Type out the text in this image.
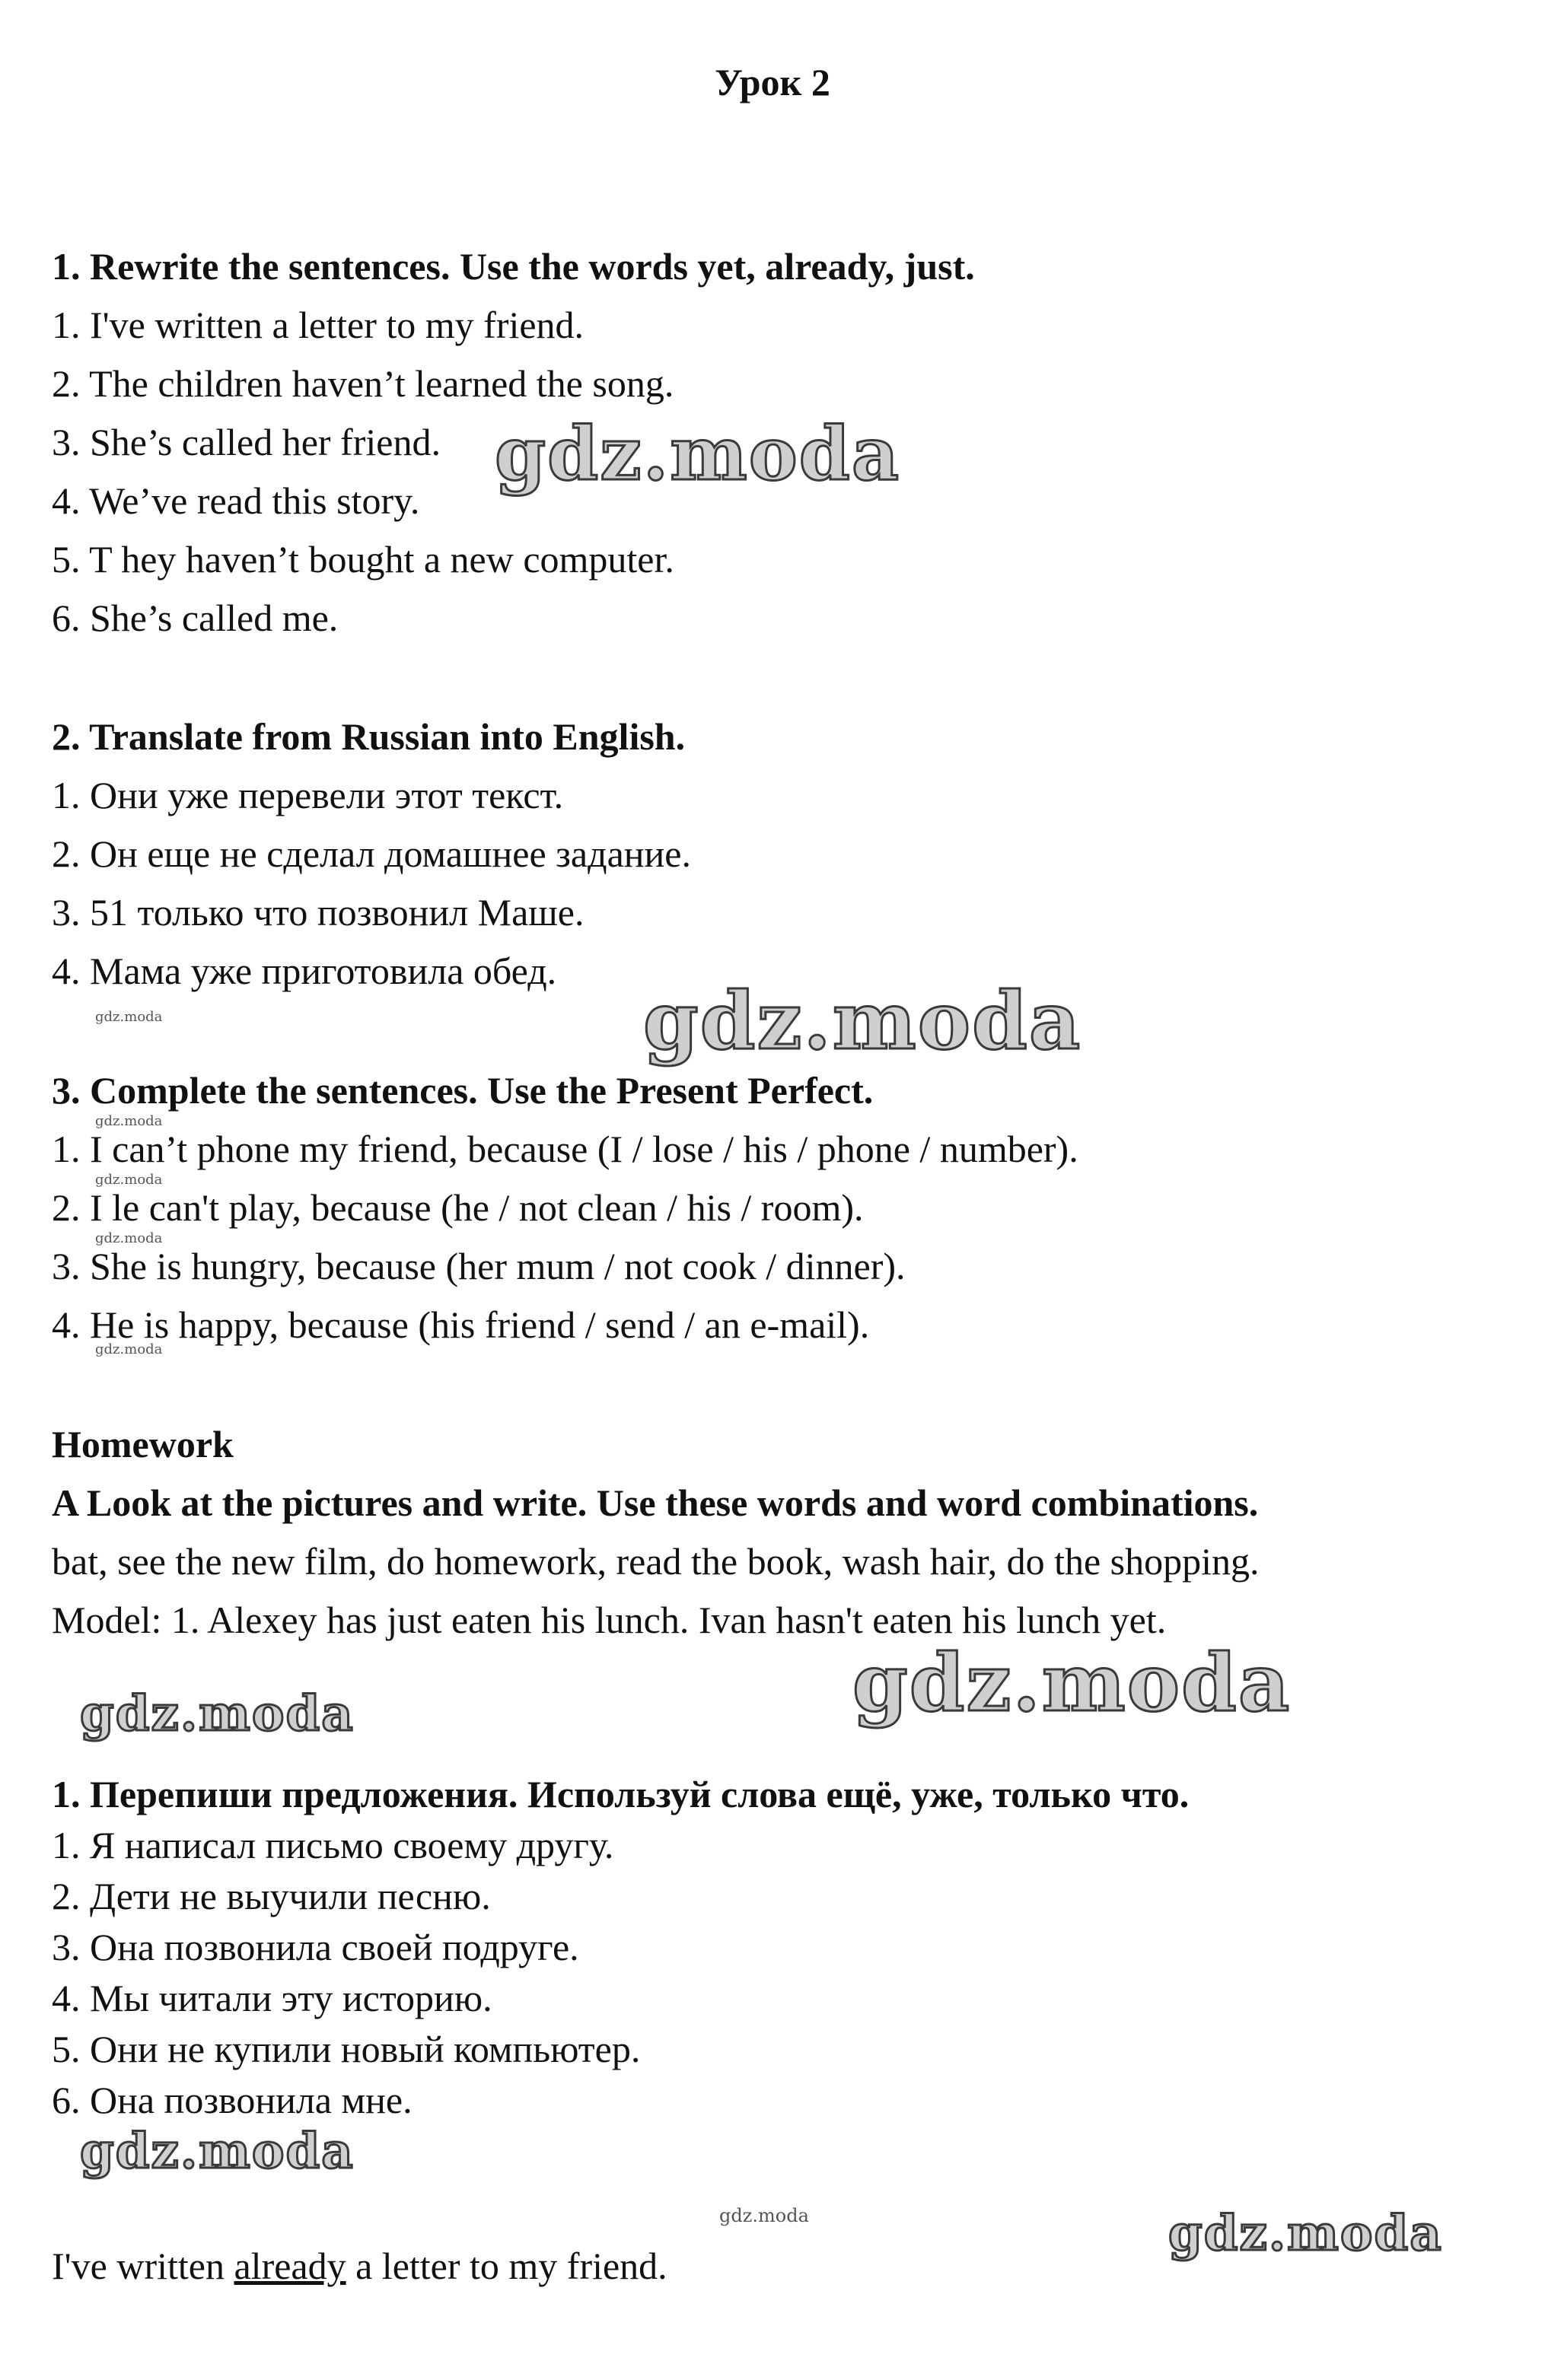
Урок 2
1. Rewrite the sentences. Use the words yet, already, just.
1. I've written a letter to my friend.
2. The children haven’t learned the song.
3. She’s called her friend.
4. We’ve read this story.
5. T hey haven’t bought a new computer.
6. She’s called me.
2. Translate from Russian into English.
1. Они уже перевели этот текст.
2. Он еще не сделал домашнее задание.
3. 51 только что позвонил Маше.
4. Мама уже приготовила обед.
3. Complete the sentences. Use the Present Perfect.
1. I can’t phone my friend, because (I / lose / his / phone / number).
2. I le can't play, because (he / not clean / his / room).
3. She is hungry, because (her mum / not cook / dinner).
4. He is happy, because (his friend / send / an e-mail).
Homework
A Look at the pictures and write. Use these words and word combinations.
bat, see the new film, do homework, read the book, wash hair, do the shopping.
Model: 1. Alexey has just eaten his lunch. Ivan hasn't eaten his lunch yet.
1. Перепиши предложения. Используй слова ещё, уже, только что.
1. Я написал письмо своему другу.
2. Дети не выучили песню.
3. Она позвонила своей подруге.
4. Мы читали эту историю.
5. Они не купили новый компьютер.
6. Она позвонила мне.
I've written already a letter to my friend.
gdz.moda
gdz.moda
gdz.moda
gdz.moda
gdz.moda
gdz.moda
gdz.moda
gdz.moda
gdz.moda
gdz.moda
gdz.moda
gdz.moda
